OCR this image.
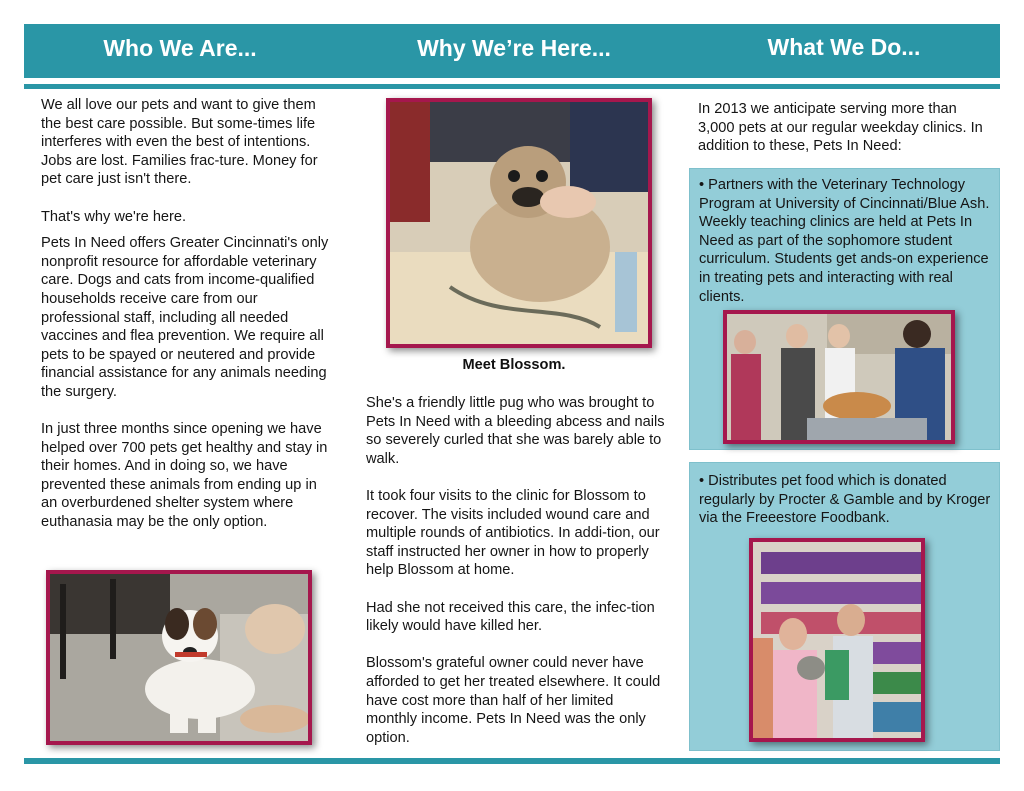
Who We Are...	Why We’re Here...	What We Do...

We all love our pets and want to give them the best care possible. But some-times life interferes with even the best of intentions. Jobs are lost. Families frac-ture. Money for pet care just isn't there.

That's why we're here.

Pets In Need offers Greater Cincinnati's only nonprofit resource for affordable veterinary care. Dogs and cats from income-qualified households receive care from our professional staff, including all needed vaccines and flea prevention. We require all pets to be spayed or neutered and provide financial assistance for any animals needing the surgery.

In just three months since opening we have helped over 700 pets get healthy and stay in their homes. And in doing so, we have prevented these animals from ending up in an overburdened shelter system where euthanasia may be the only option.

Meet Blossom.

She's a friendly little pug who was brought to Pets In Need with a bleeding abcess and nails so severely curled that she was barely able to walk.

It took four visits to the clinic for Blossom to recover. The visits included wound care and multiple rounds of antibiotics. In addi-tion, our staff instructed her owner in how to properly help Blossom at home.

Had she not received this care, the infec-tion likely would have killed her.

Blossom's grateful owner could never have afforded to get her treated elsewhere. It could have cost more than half of her limited monthly income. Pets In Need was the only option.

In 2013 we anticipate serving more than 3,000 pets at our regular weekday clinics. In addition to these, Pets In Need:
• Partners with the Veterinary Technology Program at University of Cincinnati/Blue Ash. Weekly teaching clinics are held at Pets In Need as part of the sophomore student curriculum. Students get ands-on experience in treating pets and interacting with real clients.
• Distributes pet food which is donated regularly by Procter & Gamble and by Kroger via the Freeestore Foodbank.
